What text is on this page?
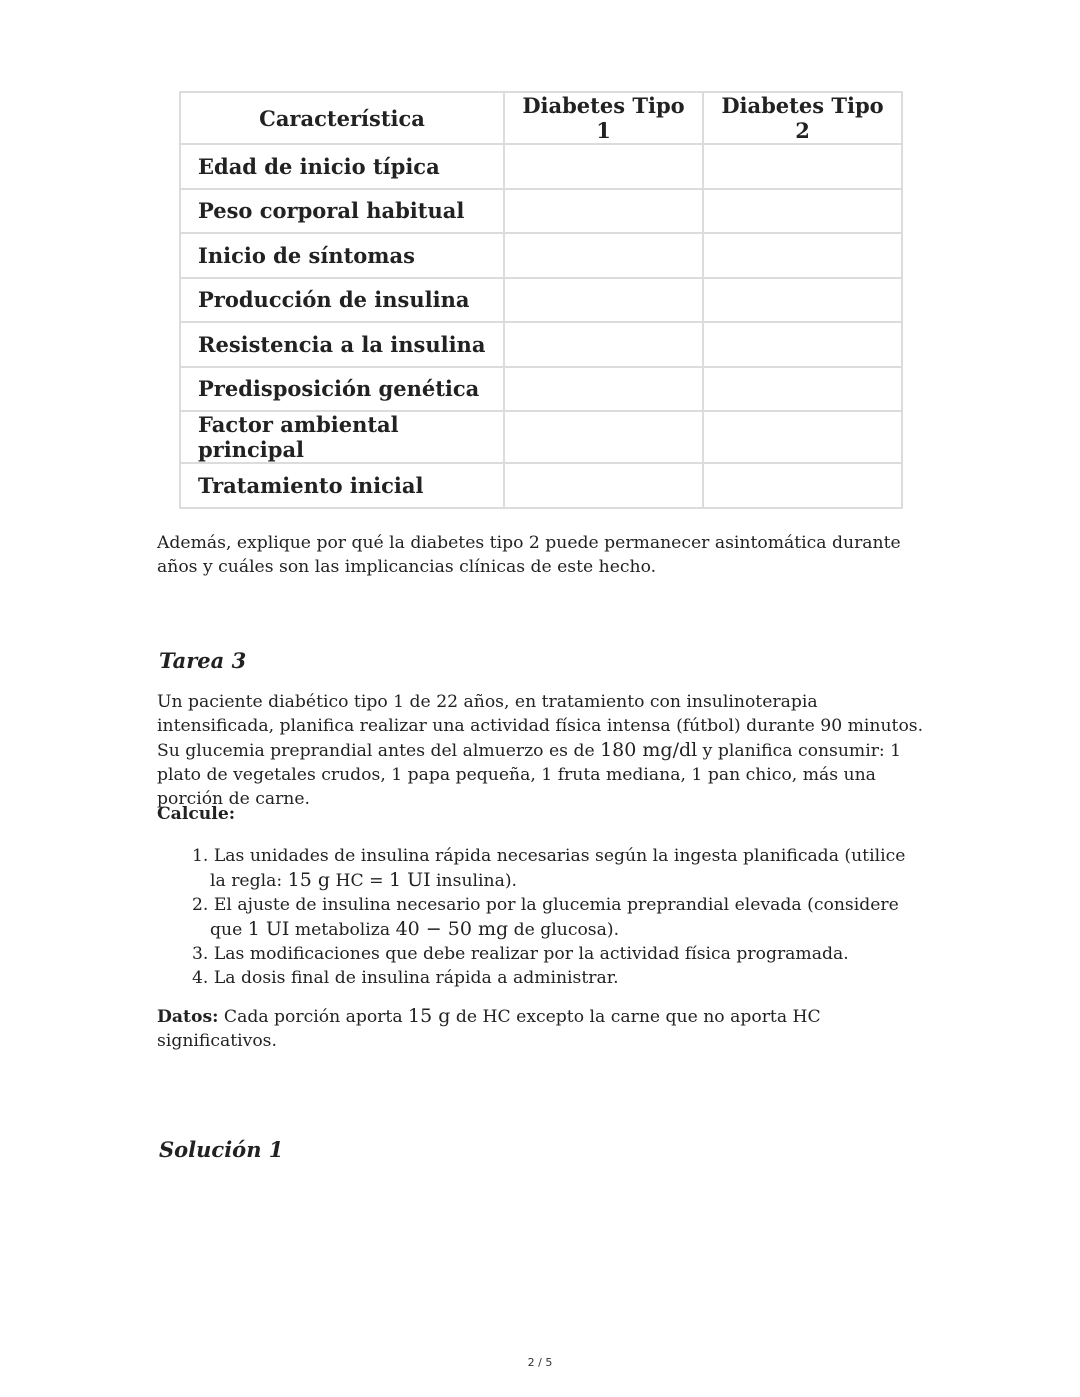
Característica	Diabetes Tipo 1	Diabetes Tipo 2
Edad de inicio típica		
Peso corporal habitual		
Inicio de síntomas		
Producción de insulina		
Resistencia a la insulina		
Predisposición genética		
Factor ambiental principal		
Tratamiento inicial		

Además, explique por qué la diabetes tipo 2 puede permanecer asintomática durante años y cuáles son las implicancias clínicas de este hecho.

Tarea 3

Un paciente diabético tipo 1 de 22 años, en tratamiento con insulinoterapia intensificada, planifica realizar una actividad física intensa (fútbol) durante 90 minutos. Su glucemia preprandial antes del almuerzo es de 180 mg/dl y planifica consumir: 1 plato de vegetales crudos, 1 papa pequeña, 1 fruta mediana, 1 pan chico, más una porción de carne.

Calcule:

1. Las unidades de insulina rápida necesarias según la ingesta planificada (utilice la regla: 15 g HC = 1 UI insulina).
2. El ajuste de insulina necesario por la glucemia preprandial elevada (considere que 1 UI metaboliza 40 − 50 mg de glucosa).
3. Las modificaciones que debe realizar por la actividad física programada.
4. La dosis final de insulina rápida a administrar.

Datos: Cada porción aporta 15 g de HC excepto la carne que no aporta HC significativos.

Solución 1
2 / 5
